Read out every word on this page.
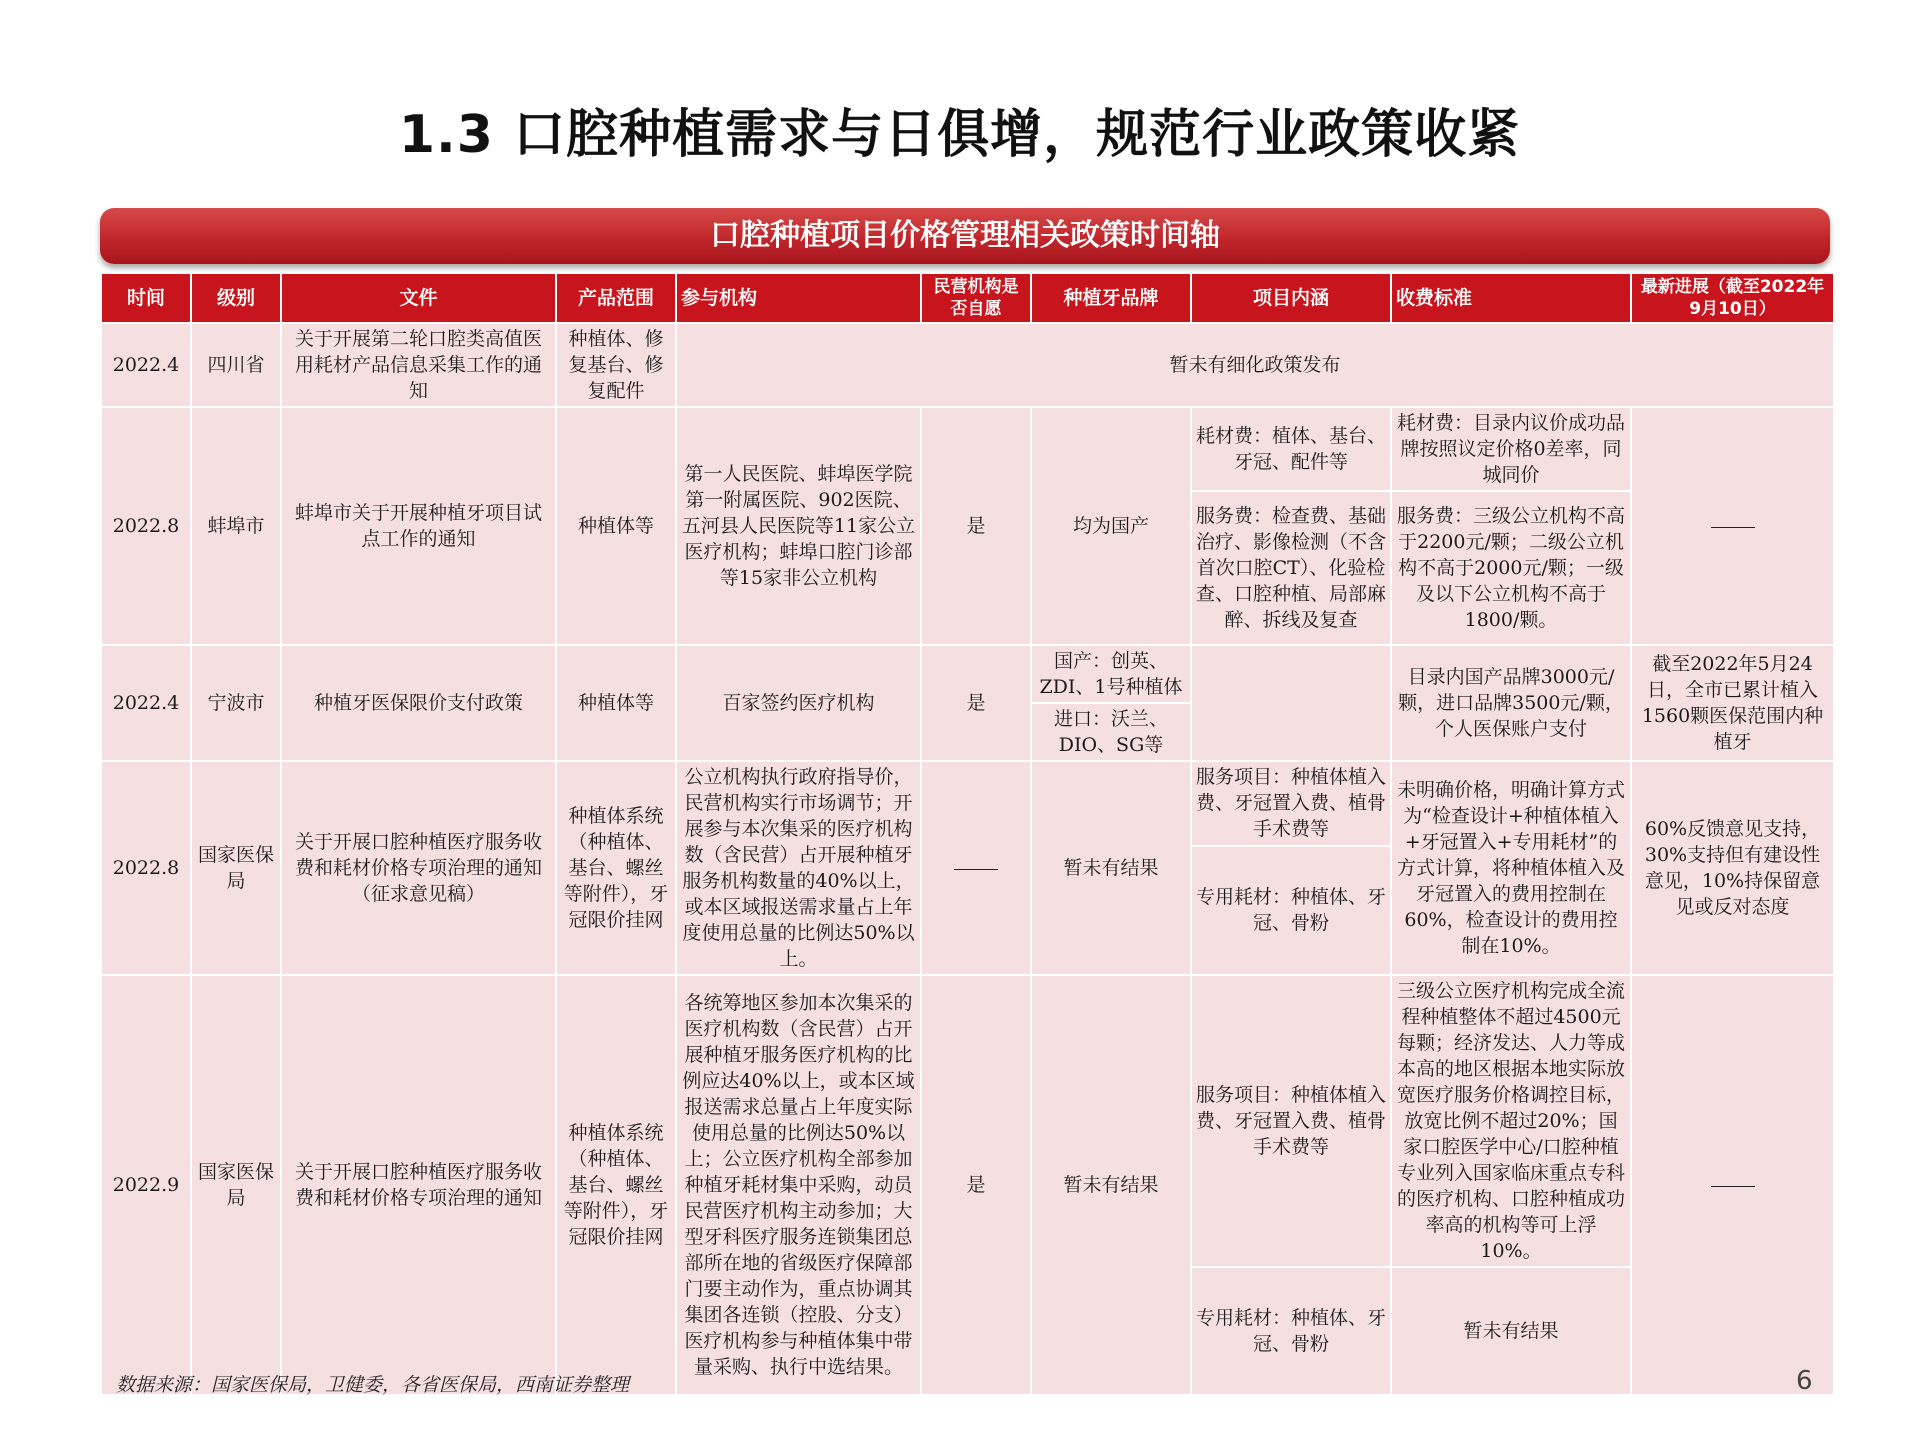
1.3 口腔种植需求与日俱增，规范行业政策收紧
口腔种植项目价格管理相关政策时间轴
时间	级别	文件	产品范围	参与机构	民营机构是否自愿	种植牙品牌	项目内涵	收费标准	最新进展（截至2022年9月10日）
2022.4	四川省	关于开展第二轮口腔类高值医用耗材产品信息采集工作的通知	种植体、修复基台、修复配件	暂未有细化政策发布					
2022.8	蚌埠市	蚌埠市关于开展种植牙项目试点工作的通知	种植体等	第一人民医院、蚌埠医学院第一附属医院、902医院、五河县人民医院等11家公立医疗机构；蚌埠口腔门诊部等15家非公立机构	是	均为国产	耗材费：植体、基台、牙冠、配件等	耗材费：目录内议价成功品牌按照议定价格0差率，同城同价	
							服务费：检查费、基础治疗、影像检测（不含首次口腔CT）、化验检查、口腔种植、局部麻醉、拆线及复查	服务费：三级公立机构不高于2200元/颗；二级公立机构不高于2000元/颗；一级及以下公立机构不高于1800/颗。	
2022.4	宁波市	种植牙医保限价支付政策	种植体等	百家签约医疗机构	是	国产：创英、ZDI、1号种植体		目录内国产品牌3000元/颗，进口品牌3500元/颗，个人医保账户支付	截至2022年5月24日，全市已累计植入1560颗医保范围内种植牙
						进口：沃兰、DIO、SG等			
2022.8	国家医保局	关于开展口腔种植医疗服务收费和耗材价格专项治理的通知（征求意见稿）	种植体系统（种植体、基台、螺丝等附件），牙冠限价挂网	公立机构执行政府指导价，民营机构实行市场调节；开展参与本次集采的医疗机构数（含民营）占开展种植牙服务机构数量的40%以上，或本区域报送需求量占上年度使用总量的比例达50%以上。		暂未有结果	服务项目：种植体植入费、牙冠置入费、植骨手术费等	未明确价格，明确计算方式为“检查设计+种植体植入+牙冠置入+专用耗材”的方式计算，将种植体植入及牙冠置入的费用控制在60%，检查设计的费用控制在10%。	60%反馈意见支持，30%支持但有建设性意见，10%持保留意见或反对态度
							专用耗材：种植体、牙冠、骨粉		
2022.9	国家医保局	关于开展口腔种植医疗服务收费和耗材价格专项治理的通知	种植体系统（种植体、基台、螺丝等附件），牙冠限价挂网	各统筹地区参加本次集采的医疗机构数（含民营）占开展种植牙服务医疗机构的比例应达40%以上，或本区域报送需求总量占上年度实际使用总量的比例达50%以上；公立医疗机构全部参加种植牙耗材集中采购，动员民营医疗机构主动参加；大型牙科医疗服务连锁集团总部所在地的省级医疗保障部门要主动作为，重点协调其集团各连锁（控股、分支）医疗机构参与种植体集中带量采购、执行中选结果。	是	暂未有结果	服务项目：种植体植入费、牙冠置入费、植骨手术费等	三级公立医疗机构完成全流程种植整体不超过4500元每颗；经济发达、人力等成本高的地区根据本地实际放宽医疗服务价格调控目标，放宽比例不超过20%；国家口腔医学中心/口腔种植专业列入国家临床重点专科的医疗机构、口腔种植成功率高的机构等可上浮10%。	
							专用耗材：种植体、牙冠、骨粉	暂未有结果	
数据来源：国家医保局，卫健委，各省医保局，西南证券整理	6
